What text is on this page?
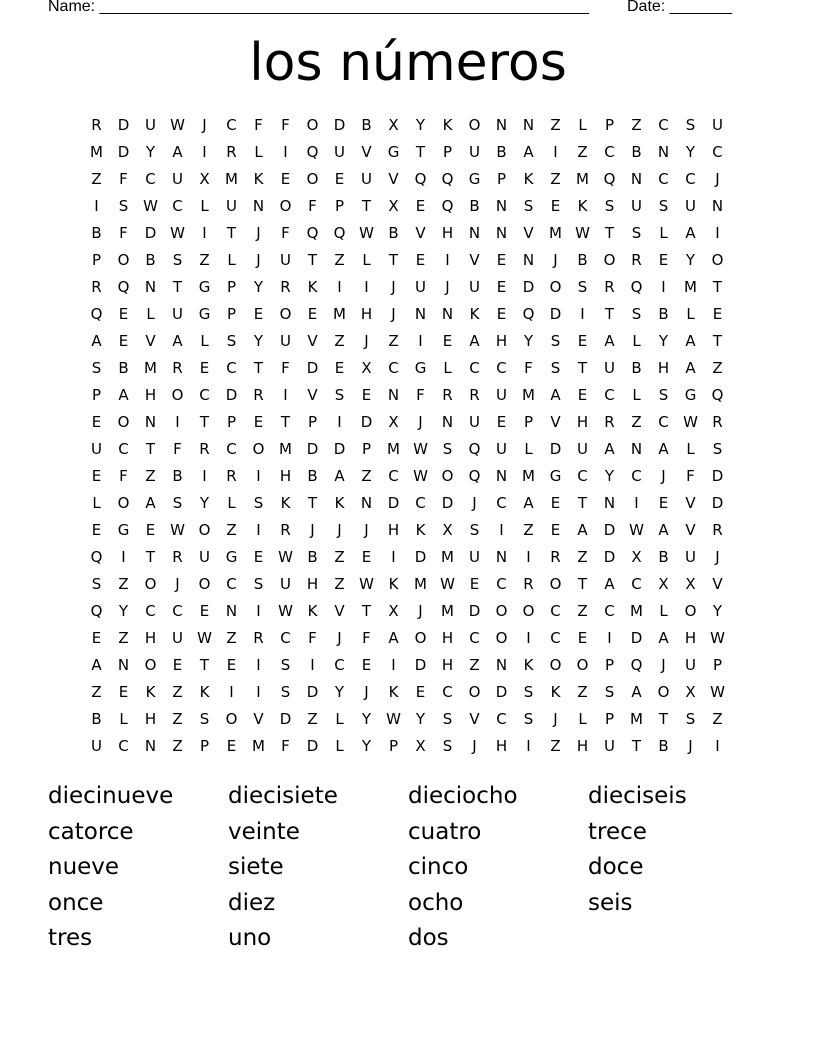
Name: _______________________________________________________ Date: _______
los números
R	D	U W	J	C	F	F	O	D	B	X	Y	K	O	N	N	Z	L	P	Z	C	S	U
M D	Y	A	I	R	L	I	Q	U	V	G	T	P	U	B	A	I	Z	C	B	N	Y	C
Z	F	C	U	X	M	K	E	O	E	U	V	Q	Q	G	P	K	Z	M Q	N	C	C	J
I	S W C	L	U	N	O	F	P	T	X	E	Q	B	N	S	E	K	S	U	S	U	N
B	F	D W	I	T	J	F	Q	Q W B	V	H	N	N	V	M W T	S	L	A	I
P	O	B	S	Z	L	J	U	T	Z	L	T	E	I	V	E	N	J	B	O	R	E	Y	O
R	Q	N	T	G	P	Y	R	K	I	I	J	U	J	U	E	D	O	S	R	Q	I	M	T
Q	E	L	U	G	P	E	O	E	M H	J	N	N	K	E	Q	D	I	T	S	B	L	E
A	E	V	A	L	S	Y	U	V	Z	J	Z	I	E	A	H	Y	S	E	A	L	Y	A	T
S	B	M	R	E	C	T	F	D	E	X	C	G	L	C	C	F	S	T	U	B	H	A	Z
P	A	H	O	C	D	R	I	V	S	E	N	F	R	R	U	M	A	E	C	L	S	G	Q
E	O	N	I	T	P	E	T	P	I	D	X	J	N	U	E	P	V	H	R	Z	C W R
U	C	T	F	R	C	O M D	D	P	M W S	Q	U	L	D	U	A	N	A	L	S
E	F	Z	B	I	R	I	H	B	A	Z	C W O	Q	N M G	C	Y	C	J	F	D
L	O	A	S	Y	L	S	K	T	K	N	D	C	D	J	C	A	E	T	N	I	E	V	D
E	G	E W O	Z	I	R	J	J	J	H	K	X	S	I	Z	E	A	D W A	V	R
Q	I	T	R	U	G	E W B	Z	E	I	D M	U	N	I	R	Z	D	X	B	U	J
S	Z	O	J	O	C	S	U	H	Z W K	M W E	C	R	O	T	A	C	X	X	V
Q	Y	C	C	E	N	I	W K	V	T	X	J	M D	O	O	C	Z	C	M	L	O	Y
E	Z	H	U W Z	R	C	F	J	F	A	O	H	C	O	I	C	E	I	D	A	H W
A	N	O	E	T	E	I	S	I	C	E	I	D	H	Z	N	K	O	O	P	Q	J	U	P
Z	E	K	Z	K	I	I	S	D	Y	J	K	E	C	O	D	S	K	Z	S	A	O	X W
B	L	H	Z	S	O	V	D	Z	L	Y	W Y	S	V	C	S	J	L	P	M	T	S	Z
U	C	N	Z	P	E	M	F	D	L	Y	P	X	S	J	H	I	Z	H	U	T	B	J	I
diecinueve	diecisiete	dieciocho	dieciseis
catorce	veinte	cuatro	trece
nueve	siete	cinco	doce
once	diez	ocho	seis
tres	uno	dos
